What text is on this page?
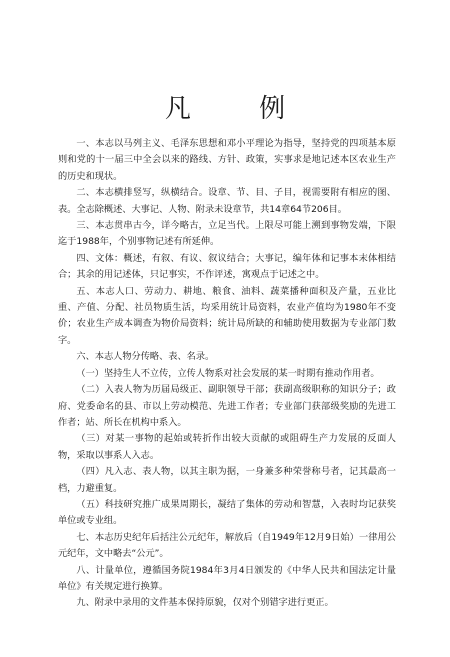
凡 例

一、本志以马列主义、毛泽东思想和邓小平理论为指导，坚持党的四项基本原则和党的十一届三中全会以来的路线、方针、政策，实事求是地记述本区农业生产的历史和现状。

二、本志横排竖写，纵横结合。设章、节、目、子目，视需要附有相应的图、表。全志除概述、大事记、人物、附录未设章节，共14章64节206目。

三、本志贯串古今，详今略古，立足当代。上限尽可能上溯到事物发端，下限迄于1988年，个别事物记述有所延伸。

四、文体：概述，有叙、有议、叙议结合；大事记，编年体和记事本末体相结合；其余的用记述体，只记事实，不作评述，寓观点于记述之中。

五、本志人口、劳动力、耕地、粮食、油料、蔬菜播种面积及产量，五业比重、产值、分配、社员物质生活，均采用统计局资料，农业产值均为1980年不变价；农业生产成本调查为物价局资料；统计局所缺的和辅助使用数据为专业部门数字。

六、本志人物分传略、表、名录。

（一）坚持生人不立传，立传人物系对社会发展的某一时期有推动作用者。

（二）入表人物为历届局级正、副职领导干部；获副高级职称的知识分子；政府、党委命名的县、市以上劳动模范、先进工作者；专业部门获部级奖励的先进工作者；站、所长在机构中系入。

（三）对某一事物的起始或转折作出较大贡献的或阻碍生产力发展的反面人物，采取以事系人入志。

（四）凡入志、表人物，以其主职为据，一身兼多种荣誉称号者，记其最高一档，力避重复。

（五）科技研究推广成果周期长，凝结了集体的劳动和智慧，入表时均记获奖单位或专业组。

七、本志历史纪年后括注公元纪年，解放后（自1949年12月9日始）一律用公元纪年，文中略去“公元”。

八、计量单位，遵循国务院1984年3月4日颁发的《中华人民共和国法定计量单位》有关规定进行换算。

九、附录中录用的文件基本保持原貌，仅对个别错字进行更正。
